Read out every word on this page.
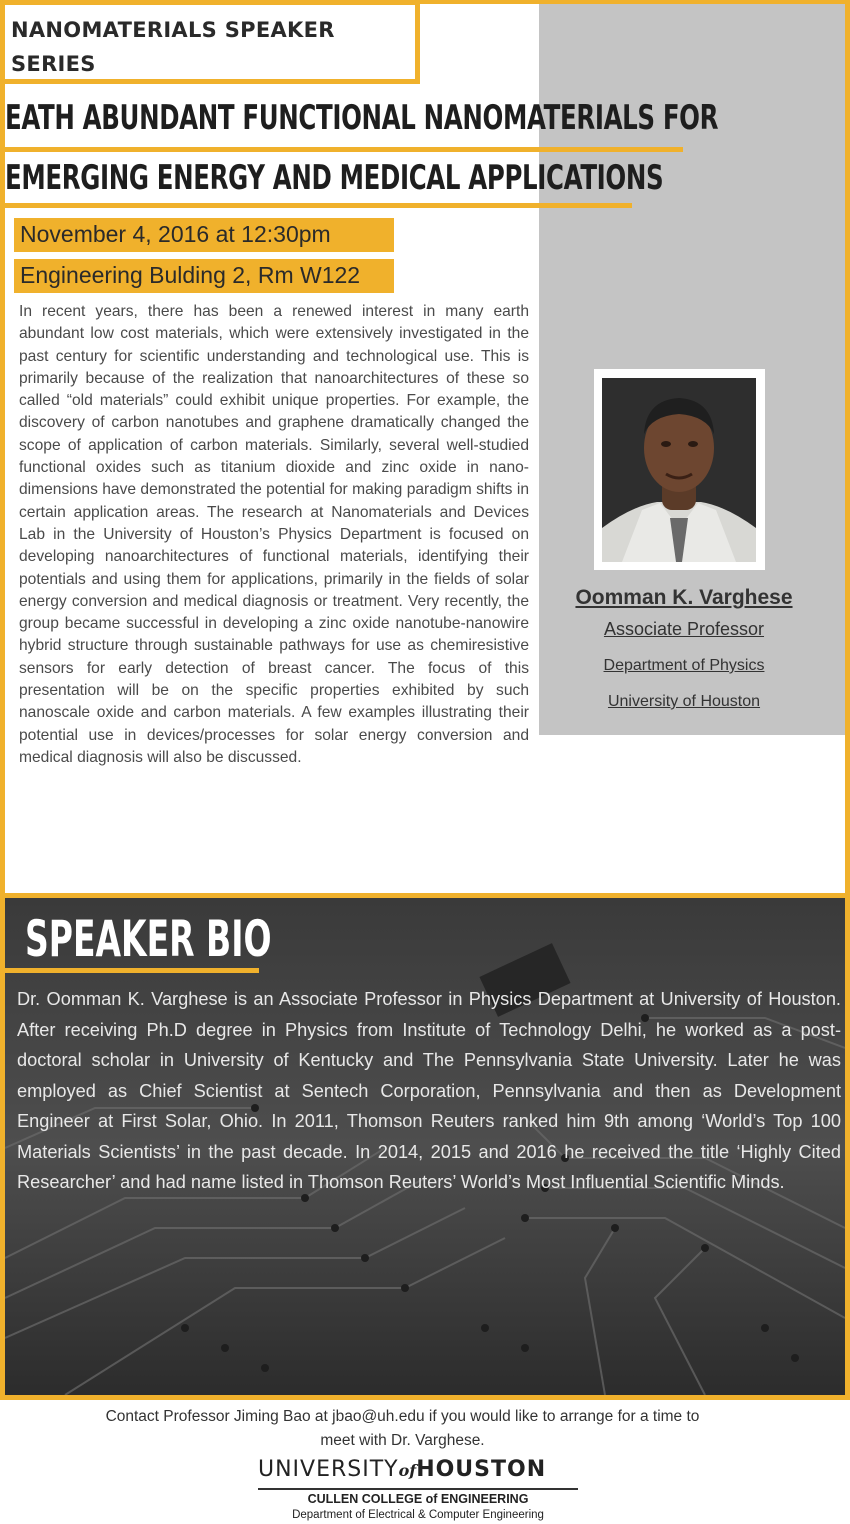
NANOMATERIALS SPEAKER
SERIES
EATH ABUNDANT FUNCTIONAL NANOMATERIALS FOR
EMERGING ENERGY AND MEDICAL APPLICATIONS
November 4, 2016 at 12:30pm
Engineering Bulding 2, Rm W122

In recent years, there has been a renewed interest in many earth abundant low cost materials, which were extensively investigated in the past century for scientific understanding and technological use. This is primarily because of the realization that nanoarchitectures of these so called “old materials” could exhibit unique properties. For example, the discovery of carbon nanotubes and graphene dramatically changed the scope of application of carbon materials. Similarly, several well-studied functional oxides such as titanium dioxide and zinc oxide in nano-dimensions have demonstrated the potential for making paradigm shifts in certain application areas. The research at Nanomaterials and Devices Lab in the University of Houston’s Physics Department is focused on developing nanoarchitectures of functional materials, identifying their potentials and using them for applications, primarily in the fields of solar energy conversion and medical diagnosis or treatment. Very recently, the group became successful in developing a zinc oxide nanotube-nanowire hybrid structure through sustainable pathways for use as chemiresistive sensors for early detection of breast cancer. The focus of this presentation will be on the specific properties exhibited by such nanoscale oxide and carbon materials. A few examples illustrating their potential use in devices/processes for solar energy conversion and medical diagnosis will also be discussed.

Oomman K. Varghese
Associate Professor
Department of Physics
University of Houston
SPEAKER BIO

Dr. Oomman K. Varghese is an Associate Professor in Physics Department at University of Houston. After receiving Ph.D degree in Physics from Institute of Technology Delhi, he worked as a post-doctoral scholar in University of Kentucky and The Pennsylvania State University. Later he was employed as Chief Scientist at Sentech Corporation, Pennsylvania and then as Development Engineer at First Solar, Ohio. In 2011, Thomson Reuters ranked him 9th among ‘World’s Top 100 Materials Scientists’ in the past decade. In 2014, 2015 and 2016 he received the title ‘Highly Cited Researcher’ and had name listed in Thomson Reuters’ World’s Most Influential Scientific Minds.

Contact Professor Jiming Bao at jbao@uh.edu if you would like to arrange for a time to meet with Dr. Varghese.

UNIVERSITYofHOUSTON
CULLEN COLLEGE of ENGINEERING
Department of Electrical & Computer Engineering
